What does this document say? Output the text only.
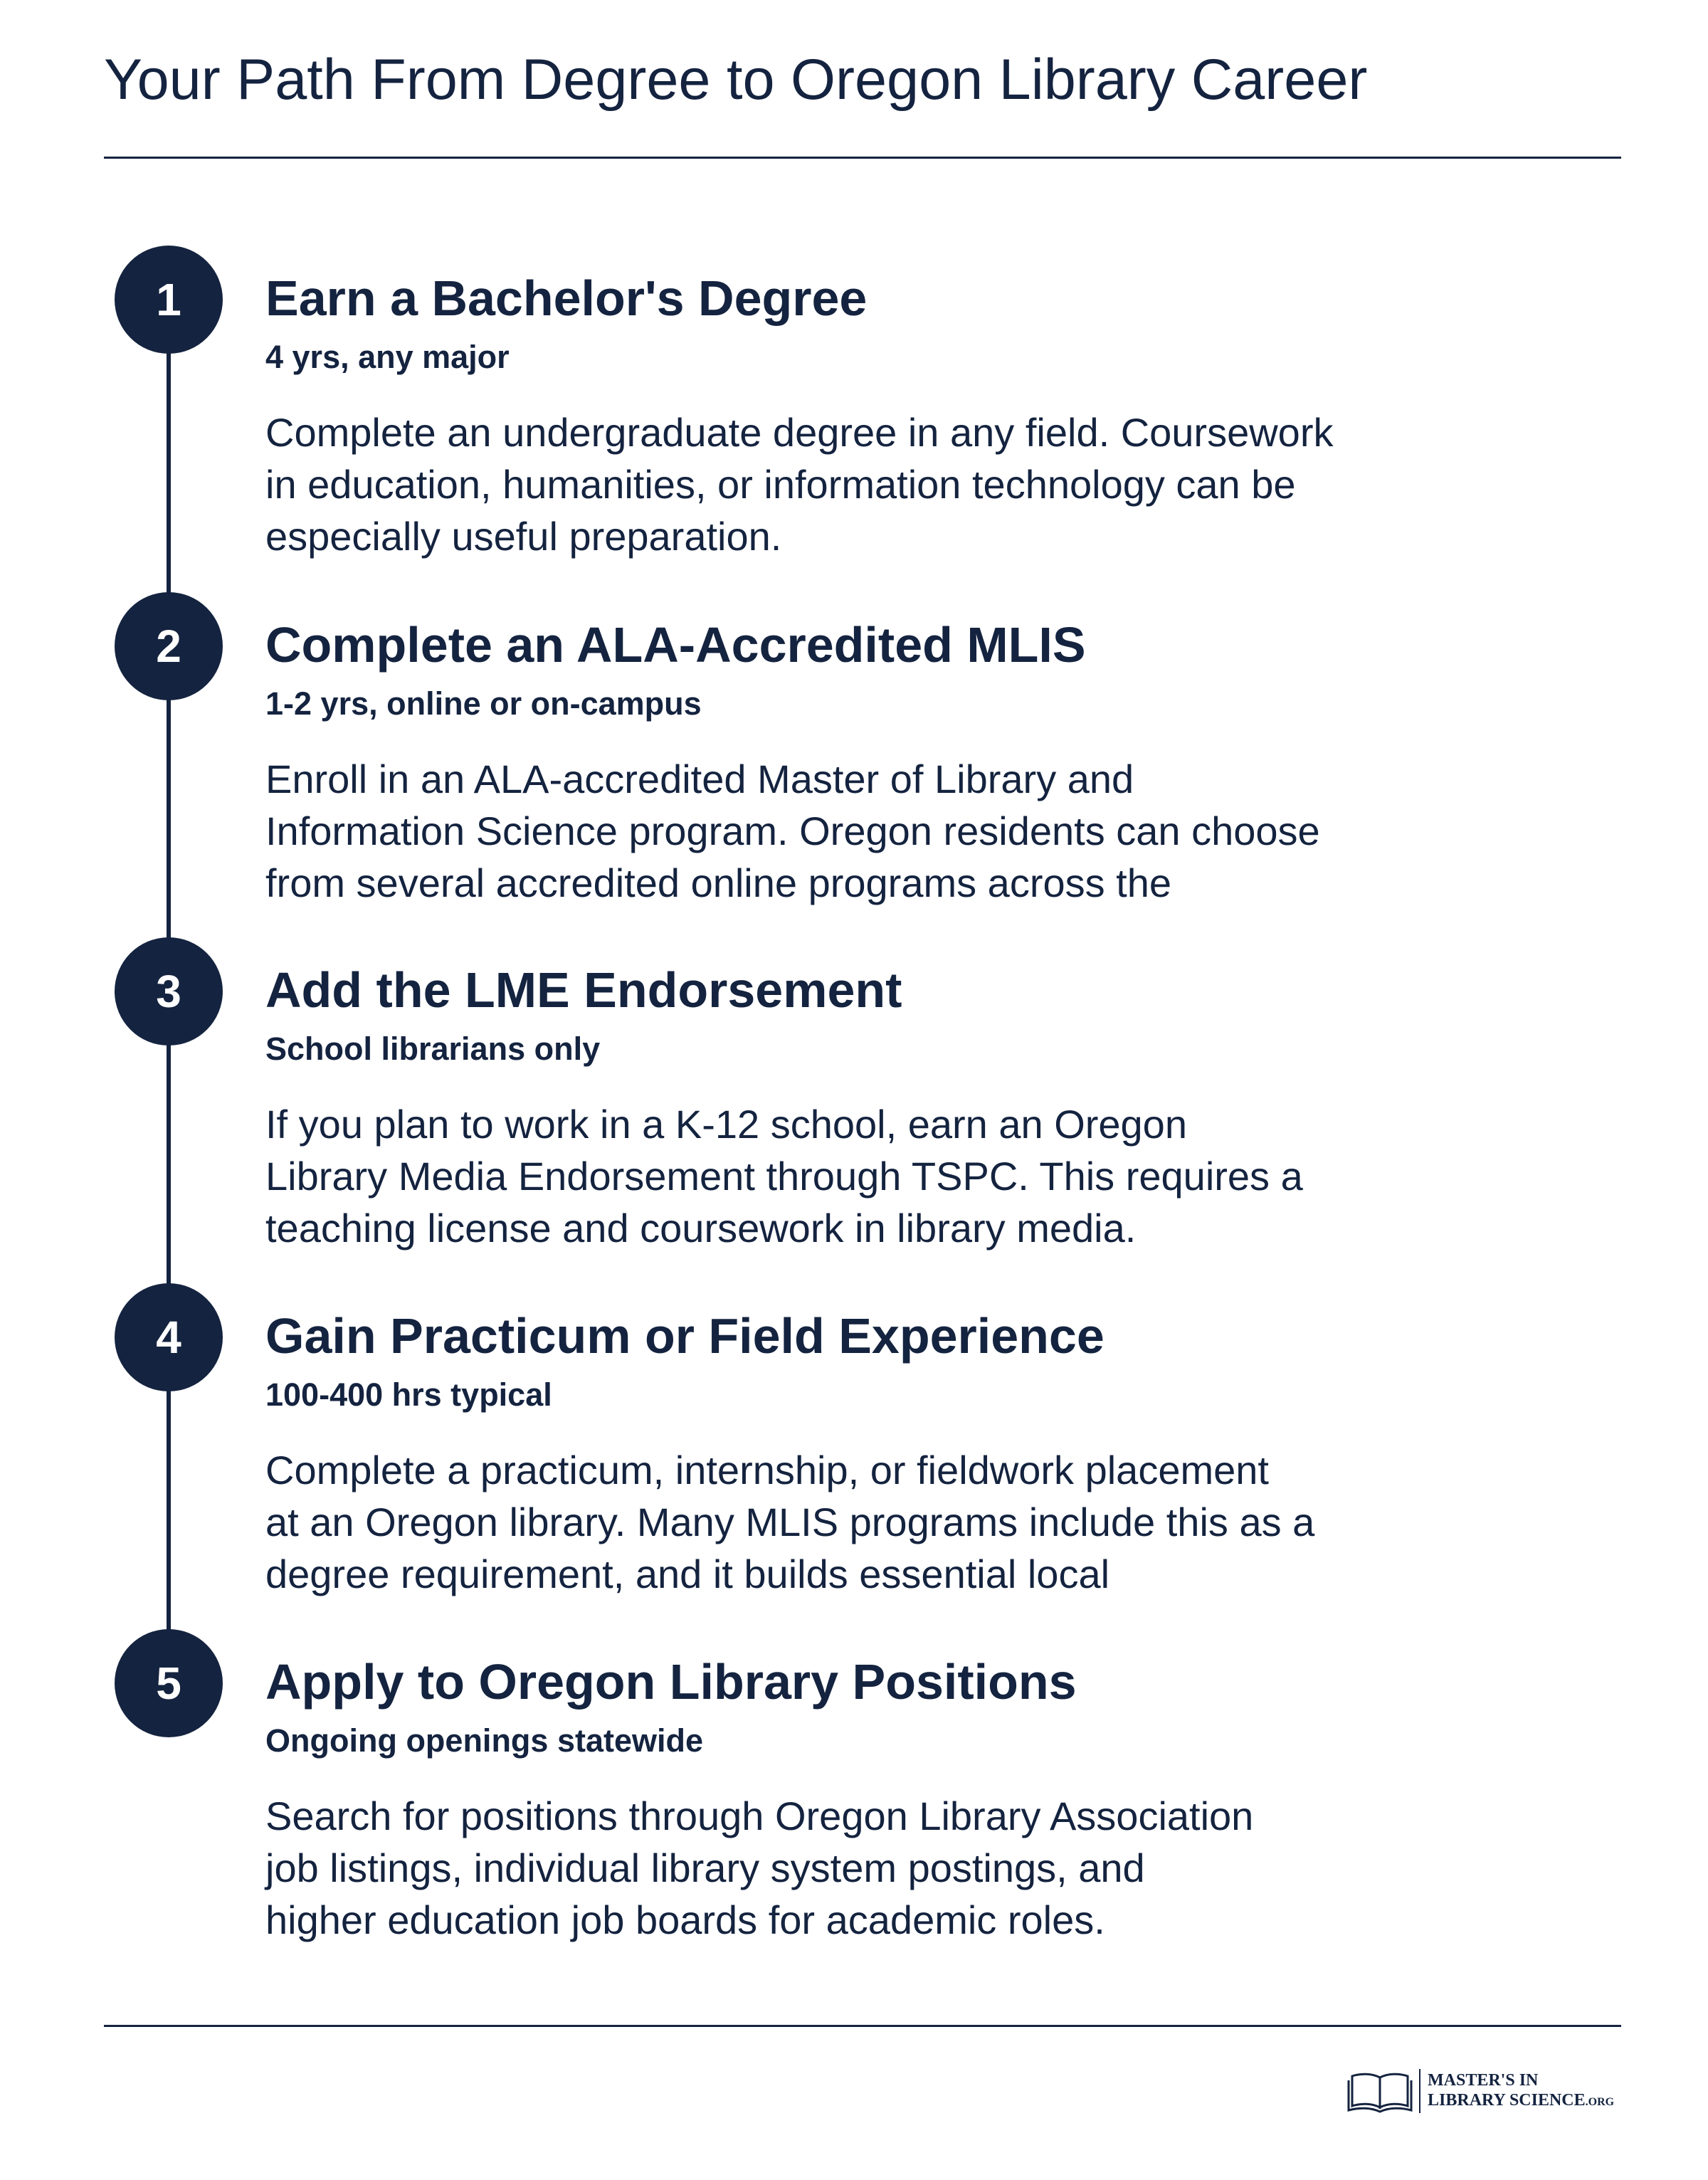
Your Path From Degree to Oregon Library Career
1	Earn a Bachelor's Degree

4 yrs, any major

Complete an undergraduate degree in any field. Coursework
in education, humanities, or information technology can be
especially useful preparation.

2	Complete an ALA-Accredited MLIS

1-2 yrs, online or on-campus

Enroll in an ALA-accredited Master of Library and
Information Science program. Oregon residents can choose
from several accredited online programs across the

3	Add the LME Endorsement

School librarians only

If you plan to work in a K-12 school, earn an Oregon
Library Media Endorsement through TSPC. This requires a
teaching license and coursework in library media.

4	Gain Practicum or Field Experience

100-400 hrs typical

Complete a practicum, internship, or fieldwork placement
at an Oregon library. Many MLIS programs include this as a
degree requirement, and it builds essential local

5	Apply to Oregon Library Positions

Ongoing openings statewide

Search for positions through Oregon Library Association
job listings, individual library system postings, and
higher education job boards for academic roles.

MASTER'S IN
LIBRARY SCIENCE.ORG
